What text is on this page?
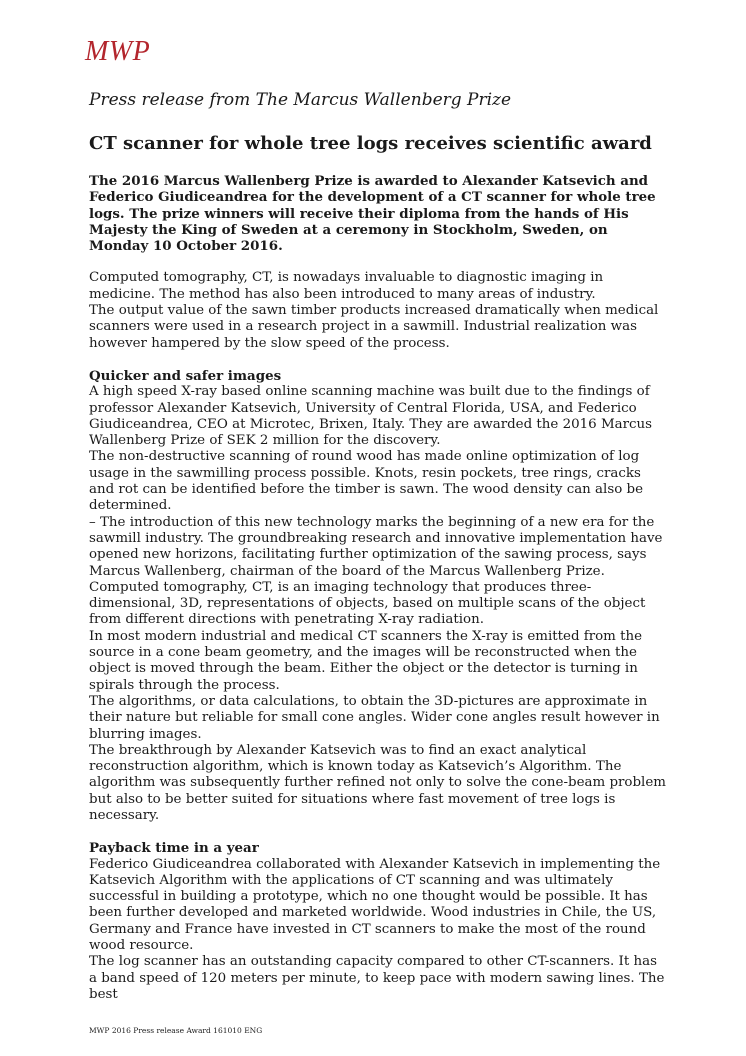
MWP
Press release from The Marcus Wallenberg Prize
CT scanner for whole tree logs receives scientific award
The 2016 Marcus Wallenberg Prize is awarded to Alexander Katsevich and Federico Giudiceandrea for the development of a CT scanner for whole tree logs. The prize winners will receive their diploma from the hands of His Majesty the King of Sweden at a ceremony in Stockholm, Sweden, on Monday 10 October 2016.
Computed tomography, CT, is nowadays invaluable to diagnostic imaging in medicine. The method has also been introduced to many areas of industry.
The output value of the sawn timber products increased dramatically when medical scanners were used in a research project in a sawmill. Industrial realization was however hampered by the slow speed of the process.
Quicker and safer images
A high speed X-ray based online scanning machine was built due to the findings of professor Alexander Katsevich, University of Central Florida, USA, and Federico Giudiceandrea, CEO at Microtec, Brixen, Italy. They are awarded the 2016 Marcus Wallenberg Prize of SEK 2 million for the discovery.
The non-destructive scanning of round wood has made online optimization of log usage in the sawmilling process possible. Knots, resin pockets, tree rings, cracks and rot can be identified before the timber is sawn. The wood density can also be determined.
– The introduction of this new technology marks the beginning of a new era for the sawmill industry. The groundbreaking research and innovative implementation have opened new horizons, facilitating further optimization of the sawing process, says Marcus Wallenberg, chairman of the board of the Marcus Wallenberg Prize.
Computed tomography, CT, is an imaging technology that produces three-dimensional, 3D, representations of objects, based on multiple scans of the object from different directions with penetrating X-ray radiation.
In most modern industrial and medical CT scanners the X-ray is emitted from the source in a cone beam geometry, and the images will be reconstructed when the object is moved through the beam. Either the object or the detector is turning in spirals through the process.
The algorithms, or data calculations, to obtain the 3D-pictures are approximate in their nature but reliable for small cone angles. Wider cone angles result however in blurring images.
The breakthrough by Alexander Katsevich was to find an exact analytical reconstruction algorithm, which is known today as Katsevich’s Algorithm. The algorithm was subsequently further refined not only to solve the cone-beam problem but also to be better suited for situations where fast movement of tree logs is necessary.
Payback time in a year
Federico Giudiceandrea collaborated with Alexander Katsevich in implementing the Katsevich Algorithm with the applications of CT scanning and was ultimately successful in building a prototype, which no one thought would be possible. It has been further developed and marketed worldwide. Wood industries in Chile, the US, Germany and France have invested in CT scanners to make the most of the round wood resource.
The log scanner has an outstanding capacity compared to other CT-scanners. It has a band speed of 120 meters per minute, to keep pace with modern sawing lines. The best
MWP 2016 Press release Award 161010 ENG
